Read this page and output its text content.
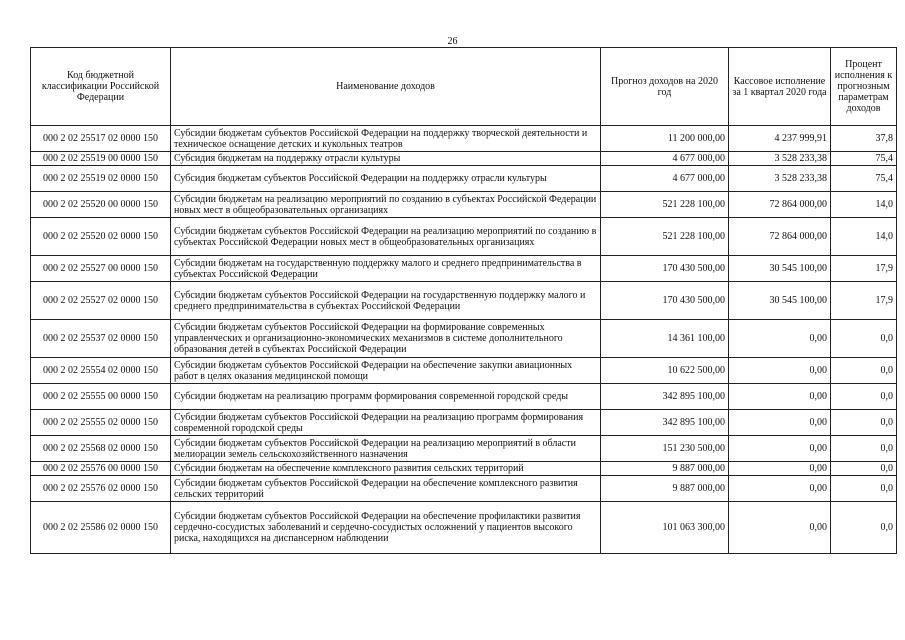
26
Код бюджетной классификации Российской Федерации	Наименование доходов	Прогноз доходов на 2020 год	Кассовое исполнение за 1 квартал 2020 года	Процент исполнения к прогнозным параметрам доходов
000 2 02 25517 02 0000 150	Субсидии бюджетам субъектов Российской Федерации на поддержку творческой деятельности и техническое оснащение детских и кукольных театров	11 200 000,00	4 237 999,91	37,8
000 2 02 25519 00 0000 150	Субсидия бюджетам на поддержку отрасли культуры	4 677 000,00	3 528 233,38	75,4
000 2 02 25519 02 0000 150	Субсидия бюджетам субъектов Российской Федерации на поддержку отрасли культуры	4 677 000,00	3 528 233,38	75,4
000 2 02 25520 00 0000 150	Субсидии бюджетам на реализацию мероприятий по созданию в субъектах Российской Федерации новых мест в общеобразовательных организациях	521 228 100,00	72 864 000,00	14,0
000 2 02 25520 02 0000 150	Субсидии бюджетам субъектов Российской Федерации на реализацию мероприятий по созданию в субъектах Российской Федерации новых мест в общеобразовательных организациях	521 228 100,00	72 864 000,00	14,0
000 2 02 25527 00 0000 150	Субсидии бюджетам на государственную поддержку малого и среднего предпринимательства в субъектах Российской Федерации	170 430 500,00	30 545 100,00	17,9
000 2 02 25527 02 0000 150	Субсидии бюджетам субъектов Российской Федерации на государственную поддержку малого и среднего предпринимательства в субъектах Российской Федерации	170 430 500,00	30 545 100,00	17,9
000 2 02 25537 02 0000 150	Субсидии бюджетам субъектов Российской Федерации на формирование современных управленческих и организационно-экономических механизмов в системе дополнительного образования детей в субъектах Российской Федерации	14 361 100,00	0,00	0,0
000 2 02 25554 02 0000 150	Субсидии бюджетам субъектов Российской Федерации на обеспечение закупки авиационных работ в целях оказания медицинской помощи	10 622 500,00	0,00	0,0
000 2 02 25555 00 0000 150	Субсидии бюджетам на реализацию программ формирования современной городской среды	342 895 100,00	0,00	0,0
000 2 02 25555 02 0000 150	Субсидии бюджетам субъектов Российской Федерации на реализацию программ формирования современной городской среды	342 895 100,00	0,00	0,0
000 2 02 25568 02 0000 150	Субсидии бюджетам субъектов Российской Федерации на реализацию мероприятий в области мелиорации земель сельскохозяйственного назначения	151 230 500,00	0,00	0,0
000 2 02 25576 00 0000 150	Субсидии бюджетам на обеспечение комплексного развития сельских территорий	9 887 000,00	0,00	0,0
000 2 02 25576 02 0000 150	Субсидии бюджетам субъектов Российской Федерации на обеспечение комплексного развития сельских территорий	9 887 000,00	0,00	0,0
000 2 02 25586 02 0000 150	Субсидии бюджетам субъектов Российской Федерации на обеспечение профилактики развития сердечно-сосудистых заболеваний и сердечно-сосудистых осложнений у пациентов высокого риска, находящихся на диспансерном наблюдении	101 063 300,00	0,00	0,0
